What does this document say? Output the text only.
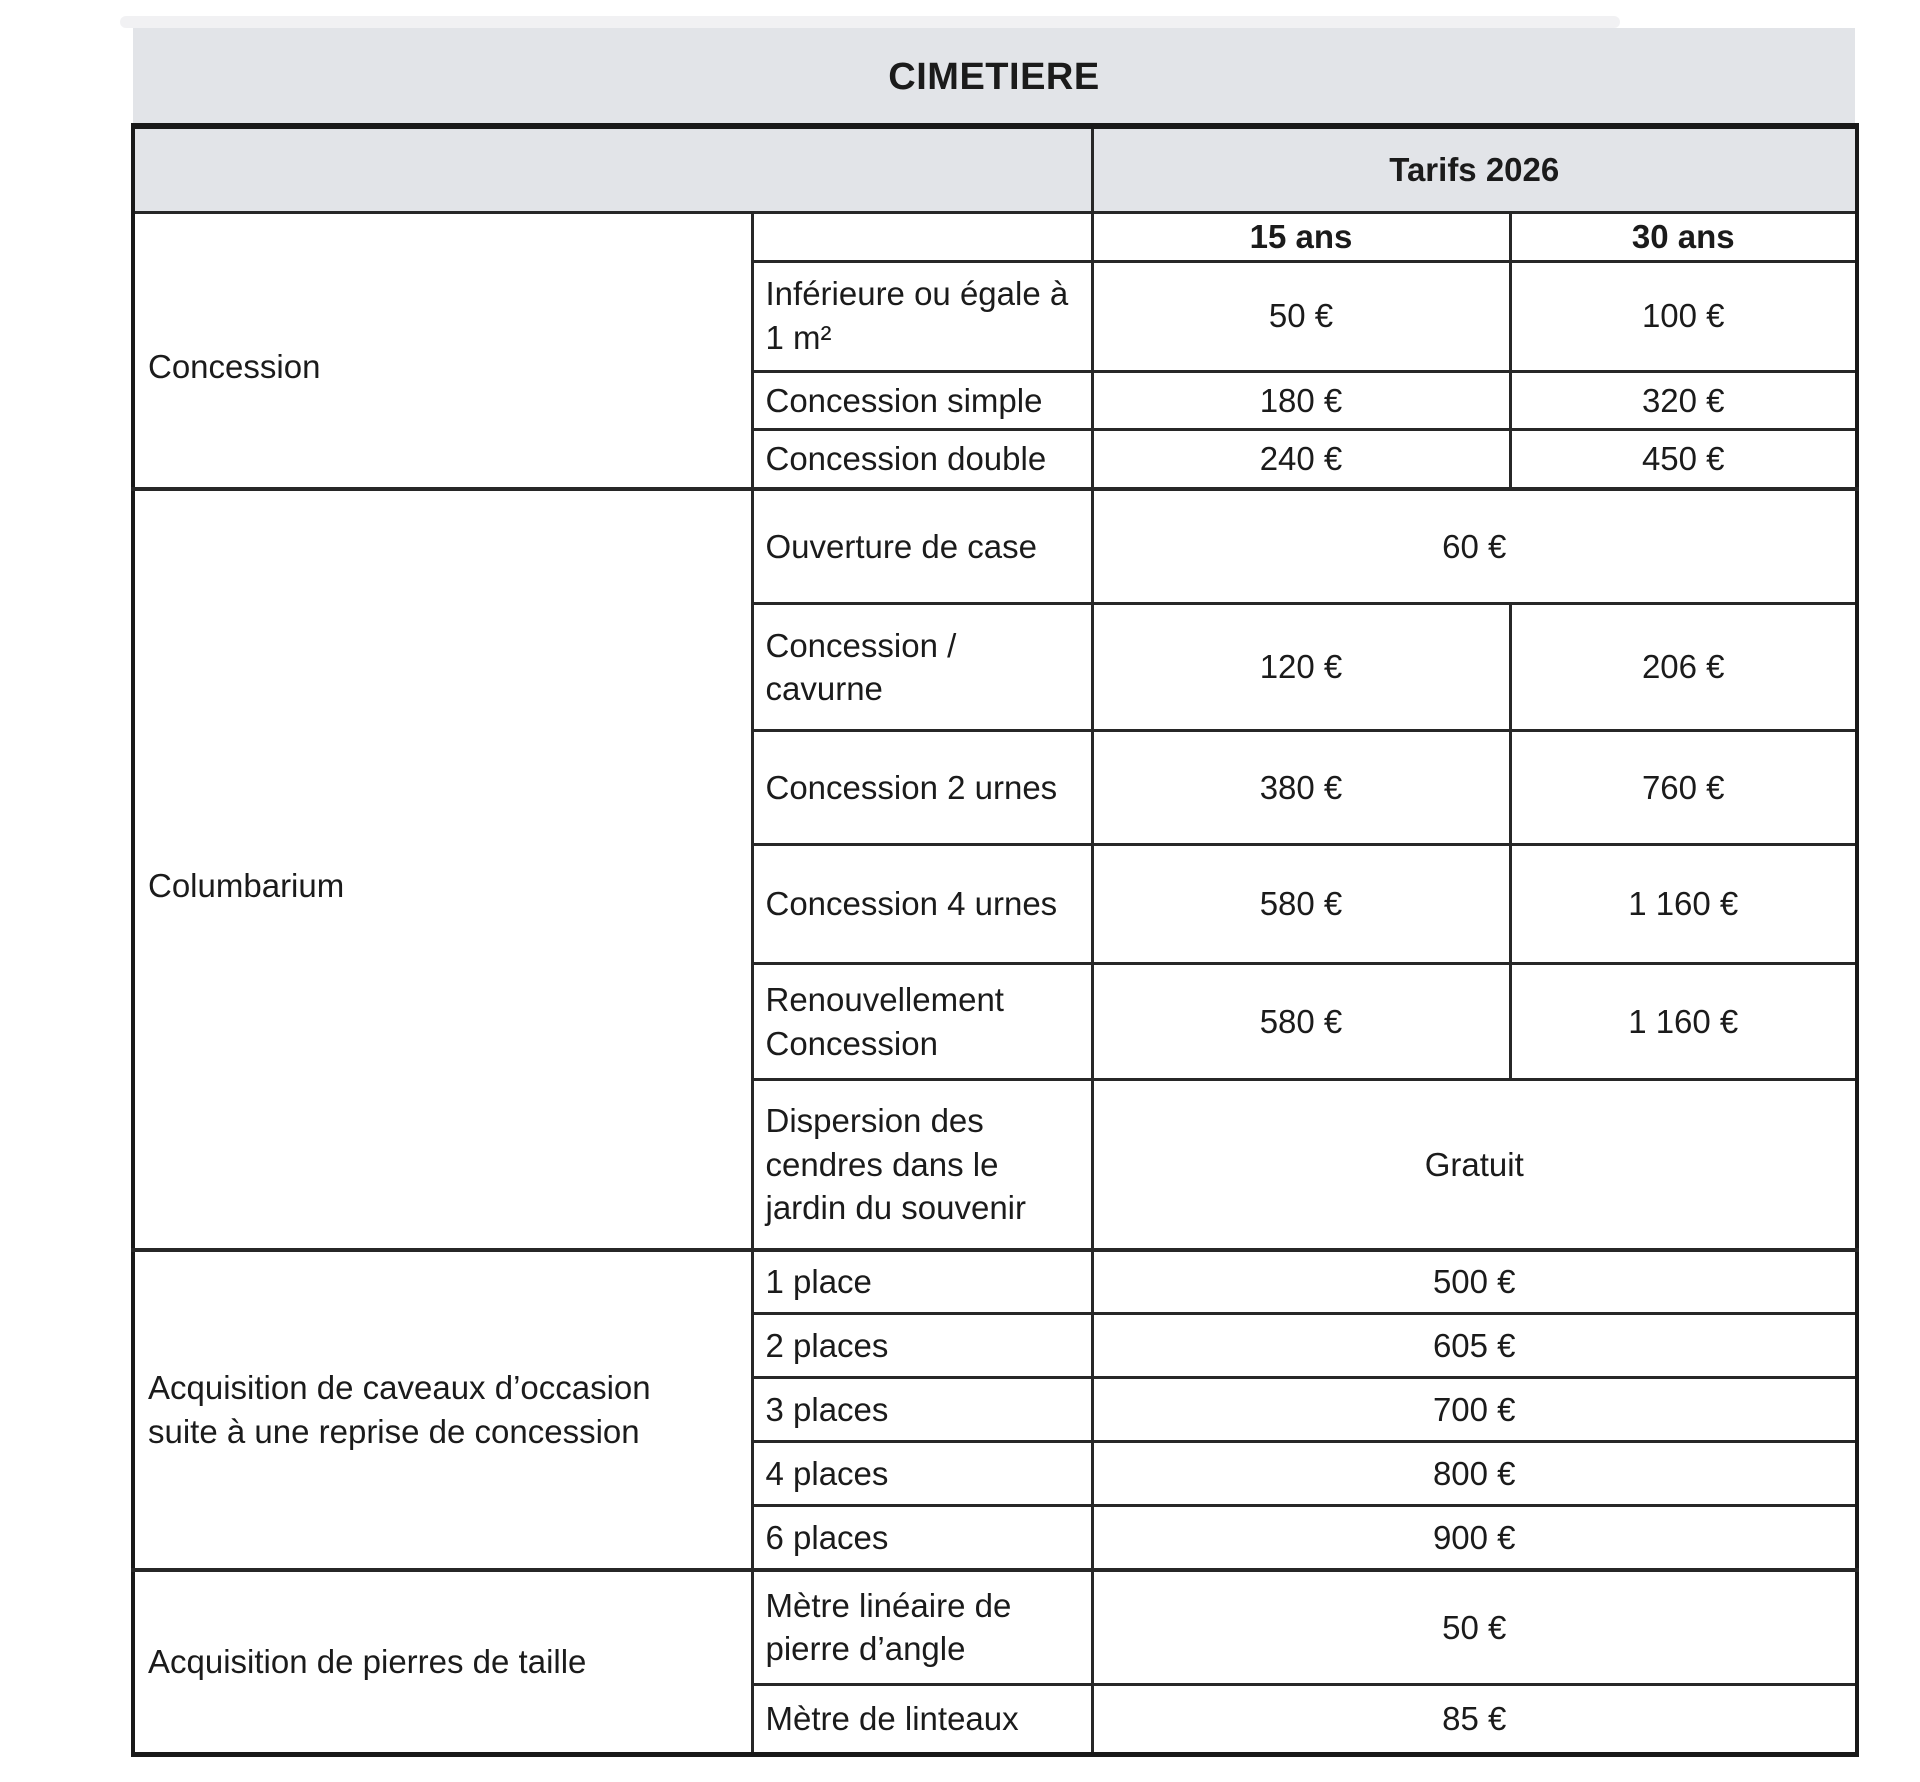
CIMETIERE
		Tarifs 2026	
Concession		15 ans	30 ans
	Inférieure ou égale à 1 m²	50 €	100 €
	Concession simple	180 €	320 €
	Concession double	240 €	450 €
Columbarium	Ouverture de case	60 €	
	Concession / cavurne	120 €	206 €
	Concession 2 urnes	380 €	760 €
	Concession 4 urnes	580 €	1 160 €
	Renouvellement Concession	580 €	1 160 €
	Dispersion des cendres dans le jardin du souvenir	Gratuit	
Acquisition de caveaux d’occasion suite à une reprise de concession	1 place	500 €	
	2 places	605 €	
	3 places	700 €	
	4 places	800 €	
	6 places	900 €	
Acquisition de pierres de taille	Mètre linéaire de pierre d’angle	50 €	
	Mètre de linteaux	85 €	
